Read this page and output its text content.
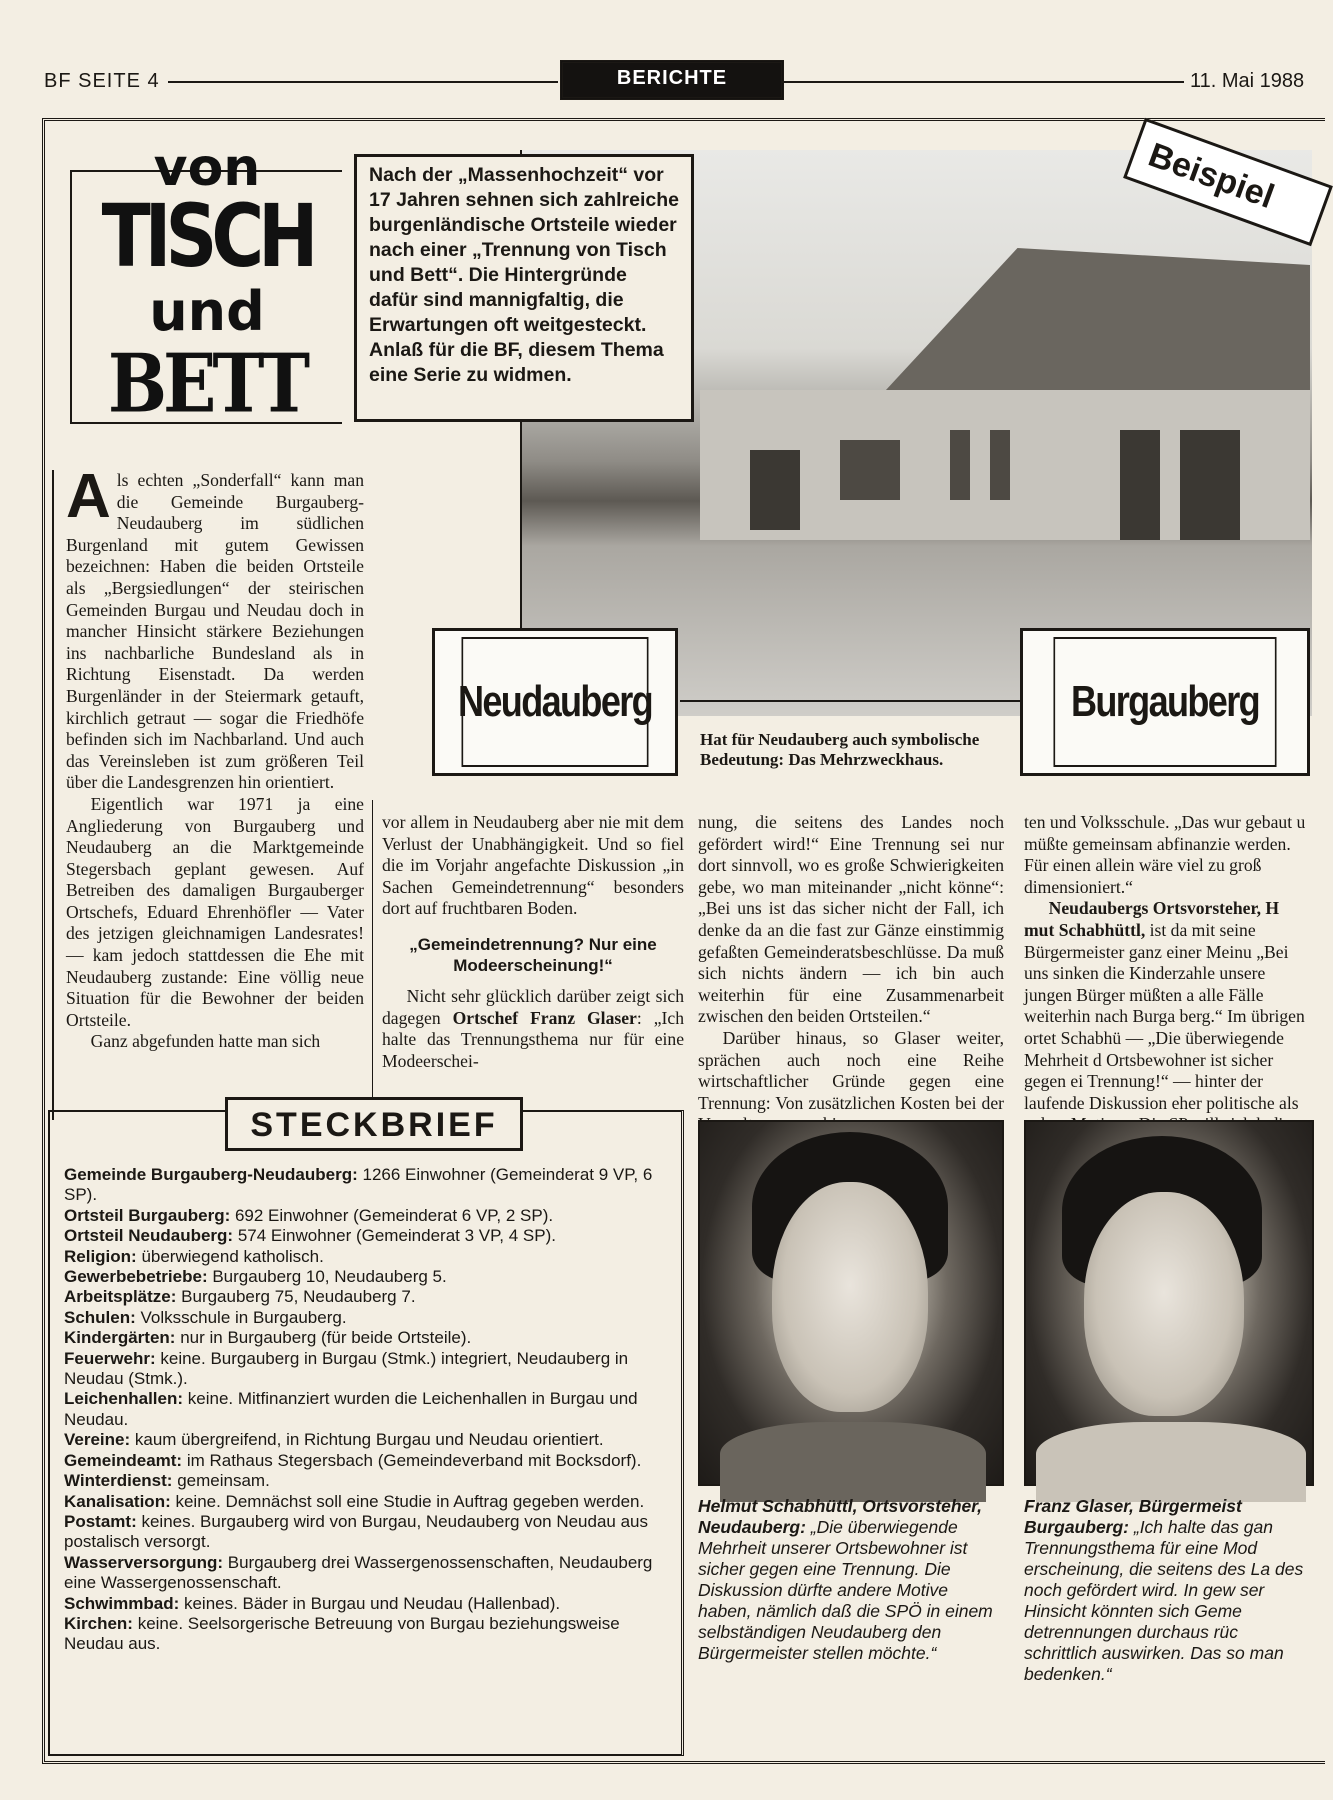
BF SEITE 4	BERICHTE	11. Mai 1988
Beispiel
von
TISCH
und
BETT
Nach der „Massenhochzeit“ vor 17 Jahren sehnen sich zahlreiche burgenländische Ortsteile wieder nach einer „Trennung von Tisch und Bett“. Die Hintergründe dafür sind mannigfaltig, die Erwartungen oft weitgesteckt. Anlaß für die BF, diesem Thema eine Serie zu widmen.
Neudauberg	Burgauberg
Hat für Neudauberg auch symbolische Bedeutung: Das Mehrzweckhaus.

Als echten „Sonderfall“ kann man die Gemeinde Burgauberg-Neudauberg im südlichen Burgenland mit gutem Gewissen bezeichnen: Haben die beiden Ortsteile als „Bergsiedlungen“ der steirischen Gemeinden Burgau und Neudau doch in mancher Hinsicht stärkere Beziehungen ins nachbarliche Bundesland als in Richtung Eisenstadt. Da werden Burgenländer in der Steiermark getauft, kirchlich getraut — sogar die Friedhöfe befinden sich im Nachbarland. Und auch das Vereinsleben ist zum größeren Teil über die Landesgrenzen hin orientiert.

Eigentlich war 1971 ja eine Angliederung von Burgauberg und Neudauberg an die Marktgemeinde Stegersbach geplant gewesen. Auf Betreiben des damaligen Burgauberger Ortschefs, Eduard Ehrenhöfler — Vater des jetzigen gleichnamigen Landesrates! — kam jedoch stattdessen die Ehe mit Neudauberg zustande: Eine völlig neue Situation für die Bewohner der beiden Ortsteile.

Ganz abgefunden hatte man sich

vor allem in Neudauberg aber nie mit dem Verlust der Unabhängigkeit. Und so fiel die im Vorjahr angefachte Diskussion „in Sachen Gemeindetrennung“ besonders dort auf fruchtbaren Boden.

„Gemeindetrennung? Nur eine Modeerscheinung!“

Nicht sehr glücklich darüber zeigt sich dagegen Ortschef Franz Glaser: „Ich halte das Trennungsthema nur für eine Modeerschei-

nung, die seitens des Landes noch gefördert wird!“ Eine Trennung sei nur dort sinnvoll, wo es große Schwierigkeiten gebe, wo man miteinander „nicht könne“: „Bei uns ist das sicher nicht der Fall, ich denke da an die fast zur Gänze einstimmig gefaßten Gemeinderatsbeschlüsse. Da muß sich nichts ändern — ich bin auch weiterhin für eine Zusammenarbeit zwischen den beiden Ortsteilen.“

Darüber hinaus, so Glaser weiter, sprächen auch noch eine Reihe wirtschaftlicher Gründe gegen eine Trennung: Von zusätzlichen Kosten bei der

ten und Volksschule. „Das wur gebaut u müßte gemeinsam abfinanzie werden. Für einen allein wäre viel zu groß dimensioniert.“

Neudaubergs Ortsvorsteher, H mut Schabhüttl, ist da mit seine Bürgermeister ganz einer Meinu „Bei uns sinken die Kinderzahle unsere jungen Bürger müßten a alle Fälle weiterhin nach Burga berg.“ Im übrigen ortet Schabhü — „Die überwiegende Mehrheit d Ortsbewohner ist sicher gegen ei Trennung!“ — hinter der laufende Diskussion eher politische als

STECKBRIEF
Gemeinde Burgauberg-Neudauberg: 1266 Einwohner (Gemeinderat 9 VP, 6 SP).
Ortsteil Burgauberg: 692 Einwohner (Gemeinderat 6 VP, 2 SP).
Ortsteil Neudauberg: 574 Einwohner (Gemeinderat 3 VP, 4 SP).
Religion: überwiegend katholisch.
Gewerbebetriebe: Burgauberg 10, Neudauberg 5.
Arbeitsplätze: Burgauberg 75, Neudauberg 7.
Schulen: Volksschule in Burgauberg.
Kindergärten: nur in Burgauberg (für beide Ortsteile).
Feuerwehr: keine. Burgauberg in Burgau (Stmk.) integriert, Neudauberg in Neudau (Stmk.).
Leichenhallen: keine. Mitfinanziert wurden die Leichenhallen in Burgau und Neudau.
Vereine: kaum übergreifend, in Richtung Burgau und Neudau orientiert.
Gemeindeamt: im Rathaus Stegersbach (Gemeindeverband mit Bocksdorf).
Winterdienst: gemeinsam.
Kanalisation: keine. Demnächst soll eine Studie in Auftrag gegeben werden.
Postamt: keines. Burgauberg wird von Burgau, Neudauberg von Neudau aus postalisch versorgt.
Wasserversorgung: Burgauberg drei Wassergenossenschaften, Neudauberg eine Wassergenossenschaft.
Schwimmbad: keines. Bäder in Burgau und Neudau (Hallenbad).
Kirchen: keine. Seelsorgerische Betreuung von Burgau beziehungsweise Neudau aus.
Helmut Schabhüttl, Ortsvorsteher, Neudauberg: „Die überwiegende Mehrheit unserer Ortsbewohner ist sicher gegen eine Trennung. Die Diskussion dürfte andere Motive haben, nämlich daß die SPÖ in einem selbständigen Neudauberg den Bürgermeister stellen möchte.“
Franz Glaser, Bürgermeist Burgauberg: „Ich halte das gan Trennungsthema für eine Mod erscheinung, die seitens des La des noch gefördert wird. In gew ser Hinsicht könnten sich Geme detrennungen durchaus rüc schrittlich auswirken. Das so man bedenken.“
